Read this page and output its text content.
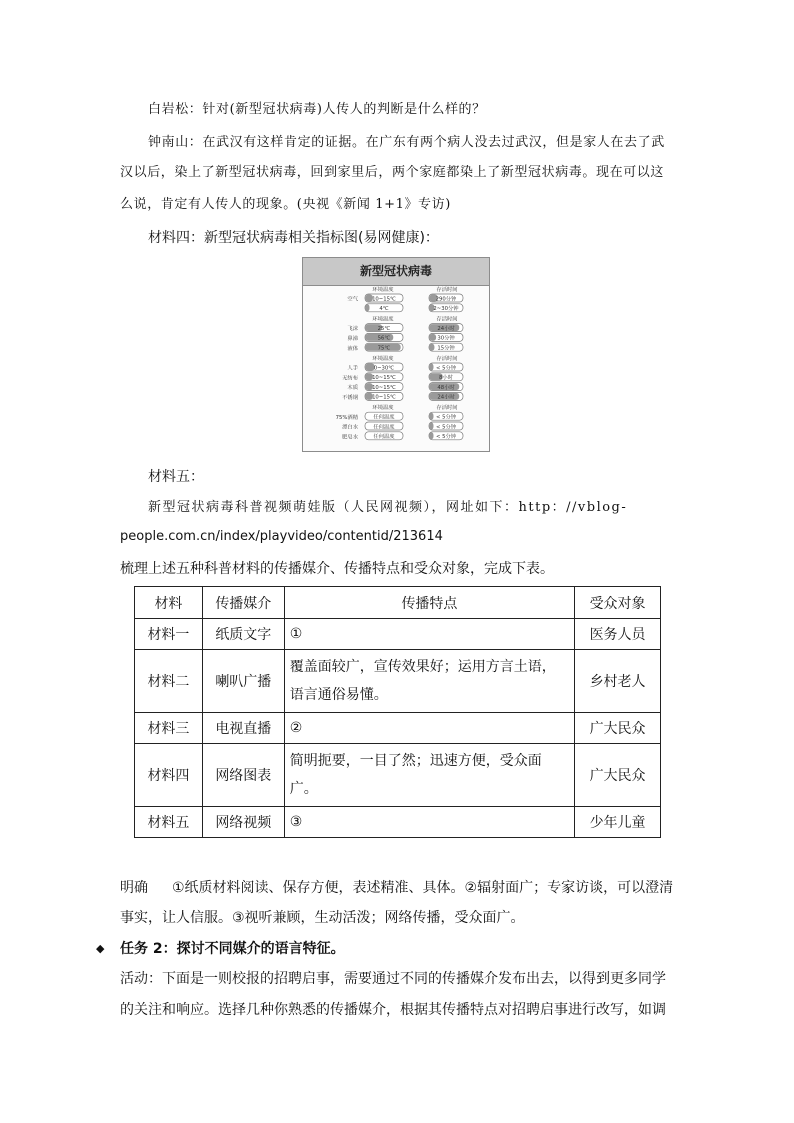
白岩松：针对(新型冠状病毒)人传人的判断是什么样的？
钟南山：在武汉有这样肯定的证据。在广东有两个病人没去过武汉，但是家人在去了武
汉以后，染上了新型冠状病毒，回到家里后，两个家庭都染上了新型冠状病毒。现在可以这
么说，肯定有人传人的现象。(央视《新闻 1+1》专访)
材料四：新型冠状病毒相关指标图(易网健康)：
新型冠状病毒
环境温度	存活时间
空气	10~15℃	290分钟
4℃	2~30分钟
环境温度	存活时间
飞沫	25℃	24小时
鼻涕	56℃	30分钟
液体	75℃	15分钟
环境温度	存活时间
人手	0~30℃	< 5分钟
无纺布	10~15℃	8小时
木质	10~15℃	48小时
不锈钢	10~15℃	24小时
环境温度	存活时间
75%酒精	任何温度	< 5分钟
漂白水	任何温度	< 5分钟
肥皂水	任何温度	< 5分钟
材料五：
新型冠状病毒科普视频萌娃版（人民网视频），网址如下：http：//vblog-
people.com.cn/index/playvideo/contentid/213614
梳理上述五种科普材料的传播媒介、传播特点和受众对象，完成下表。
材料	传播媒介	传播特点	受众对象
材料一	纸质文字	①	医务人员
材料二	喇叭广播	覆盖面较广，宣传效果好；运用方言土语，语言通俗易懂。	乡村老人
材料三	电视直播	②	广大民众
材料四	网络图表	简明扼要，一目了然；迅速方便，受众面广。	广大民众
材料五	网络视频	③	少年儿童
明确 ①纸质材料阅读、保存方便，表述精准、具体。②辐射面广；专家访谈，可以澄清
事实，让人信服。③视听兼顾，生动活泼；网络传播，受众面广。
◆ 任务 2：探讨不同媒介的语言特征。
活动：下面是一则校报的招聘启事，需要通过不同的传播媒介发布出去，以得到更多同学
的关注和响应。选择几种你熟悉的传播媒介，根据其传播特点对招聘启事进行改写，如调
